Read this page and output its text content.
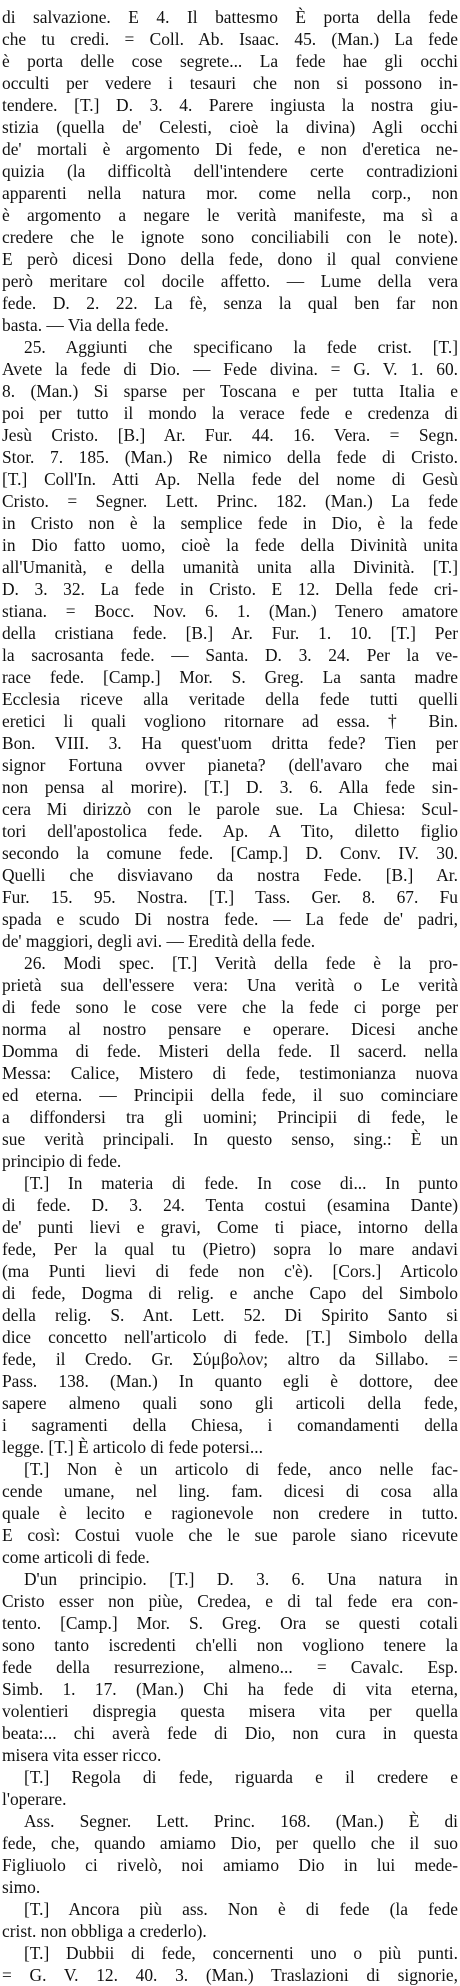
di salvazione. E 4. Il battesmo È porta della fede
che tu credi. = Coll. Ab. Isaac. 45. (Man.) La fede
è porta delle cose segrete... La fede hae gli occhi
occulti per vedere i tesauri che non si possono in-
tendere. [T.] D. 3. 4. Parere ingiusta la nostra giu-
stizia (quella de' Celesti, cioè la divina) Agli occhi
de' mortali è argomento Di fede, e non d'eretica ne-
quizia (la difficoltà dell'intendere certe contradizioni
apparenti nella natura mor. come nella corp., non
è argomento a negare le verità manifeste, ma sì a
credere che le ignote sono conciliabili con le note).
E però dicesi Dono della fede, dono il qual conviene
però meritare col docile affetto. — Lume della vera
fede. D. 2. 22. La fè, senza la qual ben far non
basta. — Via della fede.
25. Aggiunti che specificano la fede crist. [T.]
Avete la fede di Dio. — Fede divina. = G. V. 1. 60.
8. (Man.) Si sparse per Toscana e per tutta Italia e
poi per tutto il mondo la verace fede e credenza di
Jesù Cristo. [B.] Ar. Fur. 44. 16. Vera. = Segn.
Stor. 7. 185. (Man.) Re nimico della fede di Cristo.
[T.] Coll'In. Atti Ap. Nella fede del nome di Gesù
Cristo. = Segner. Lett. Princ. 182. (Man.) La fede
in Cristo non è la semplice fede in Dio, è la fede
in Dio fatto uomo, cioè la fede della Divinità unita
all'Umanità, e della umanità unita alla Divinità. [T.]
D. 3. 32. La fede in Cristo. E 12. Della fede cri-
stiana. = Bocc. Nov. 6. 1. (Man.) Tenero amatore
della cristiana fede. [B.] Ar. Fur. 1. 10. [T.] Per
la sacrosanta fede. — Santa. D. 3. 24. Per la ve-
race fede. [Camp.] Mor. S. Greg. La santa madre
Ecclesia riceve alla veritade della fede tutti quelli
eretici li quali vogliono ritornare ad essa. † Bin.
Bon. VIII. 3. Ha quest'uom dritta fede? Tien per
signor Fortuna ovver pianeta? (dell'avaro che mai
non pensa al morire). [T.] D. 3. 6. Alla fede sin-
cera Mi dirizzò con le parole sue. La Chiesa: Scul-
tori dell'apostolica fede. Ap. A Tito, diletto figlio
secondo la comune fede. [Camp.] D. Conv. IV. 30.
Quelli che disviavano da nostra Fede. [B.] Ar.
Fur. 15. 95. Nostra. [T.] Tass. Ger. 8. 67. Fu
spada e scudo Di nostra fede. — La fede de' padri,
de' maggiori, degli avi. — Eredità della fede.
26. Modi spec. [T.] Verità della fede è la pro-
prietà sua dell'essere vera: Una verità o Le verità
di fede sono le cose vere che la fede ci porge per
norma al nostro pensare e operare. Dicesi anche
Domma di fede. Misteri della fede. Il sacerd. nella
Messa: Calice, Mistero di fede, testimonianza nuova
ed eterna. — Principii della fede, il suo cominciare
a diffondersi tra gli uomini; Principii di fede, le
sue verità principali. In questo senso, sing.: È un
principio di fede.
[T.] In materia di fede. In cose di... In punto
di fede. D. 3. 24. Tenta costui (esamina Dante)
de' punti lievi e gravi, Come ti piace, intorno della
fede, Per la qual tu (Pietro) sopra lo mare andavi
(ma Punti lievi di fede non c'è). [Cors.] Articolo
di fede, Dogma di relig. e anche Capo del Simbolo
della relig. S. Ant. Lett. 52. Di Spirito Santo si
dice concetto nell'articolo di fede. [T.] Simbolo della
fede, il Credo. Gr. Σύμβολον; altro da Sillabo. =
Pass. 138. (Man.) In quanto egli è dottore, dee
sapere almeno quali sono gli articoli della fede,
i sagramenti della Chiesa, i comandamenti della
legge. [T.] È articolo di fede potersi...
[T.] Non è un articolo di fede, anco nelle fac-
cende umane, nel ling. fam. dicesi di cosa alla
quale è lecito e ragionevole non credere in tutto.
E così: Costui vuole che le sue parole siano ricevute
come articoli di fede.
D'un principio. [T.] D. 3. 6. Una natura in
Cristo esser non piùe, Credea, e di tal fede era con-
tento. [Camp.] Mor. S. Greg. Ora se questi cotali
sono tanto iscredenti ch'elli non vogliono tenere la
fede della resurrezione, almeno... = Cavalc. Esp.
Simb. 1. 17. (Man.) Chi ha fede di vita eterna,
volentieri dispregia questa misera vita per quella
beata:... chi averà fede di Dio, non cura in questa
misera vita esser ricco.
[T.] Regola di fede, riguarda e il credere e
l'operare.
Ass. Segner. Lett. Princ. 168. (Man.) È di
fede, che, quando amiamo Dio, per quello che il suo
Figliuolo ci rivelò, noi amiamo Dio in lui mede-
simo.
[T.] Ancora più ass. Non è di fede (la fede
crist. non obbliga a crederlo).
[T.] Dubbii di fede, concernenti uno o più punti.
= G. V. 12. 40. 3. (Man.) Traslazioni di signorie,
